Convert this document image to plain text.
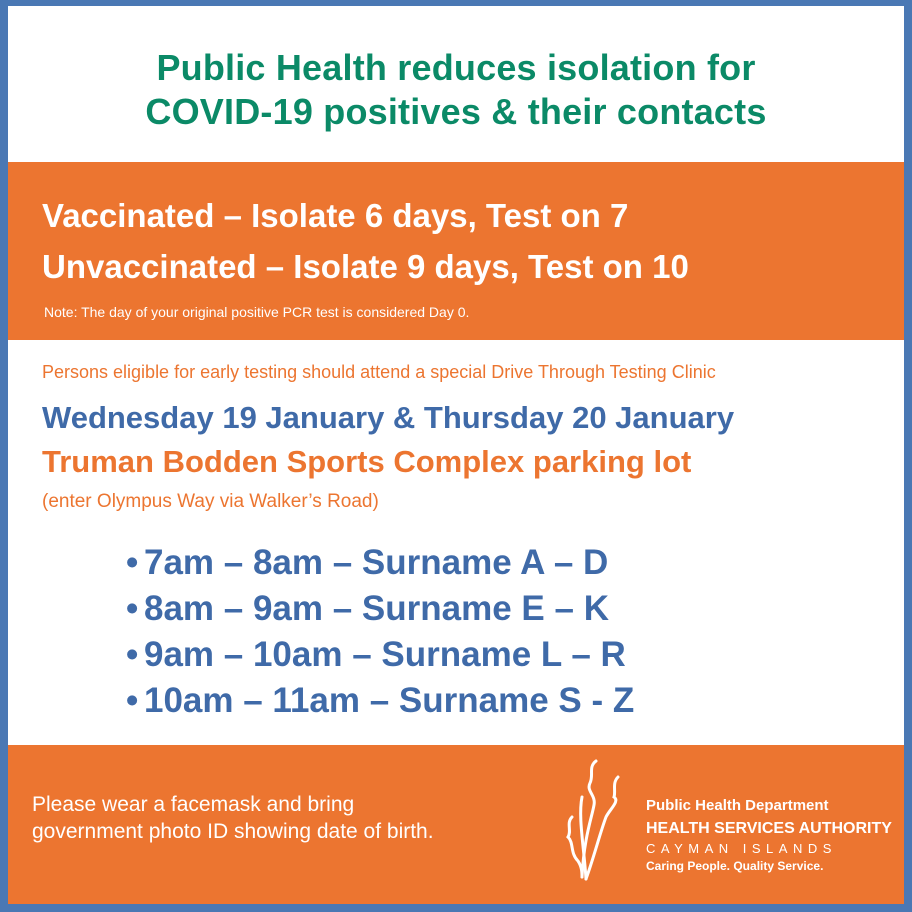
Public Health reduces isolation for
COVID-19 positives & their contacts
Vaccinated – Isolate 6 days, Test on 7
Unvaccinated – Isolate 9 days, Test on 10
Note: The day of your original positive PCR test is considered Day 0.
Persons eligible for early testing should attend a special Drive Through Testing Clinic
Wednesday 19 January & Thursday 20 January
Truman Bodden Sports Complex parking lot
(enter Olympus Way via Walker’s Road)
• 7am – 8am – Surname A – D
• 8am – 9am – Surname E – K
• 9am – 10am – Surname L – R
• 10am – 11am – Surname S - Z
Please wear a facemask and bring government photo ID showing date of birth.
Public Health Department
HEALTH SERVICES AUTHORITY
CAYMAN ISLANDS
Caring People. Quality Service.
